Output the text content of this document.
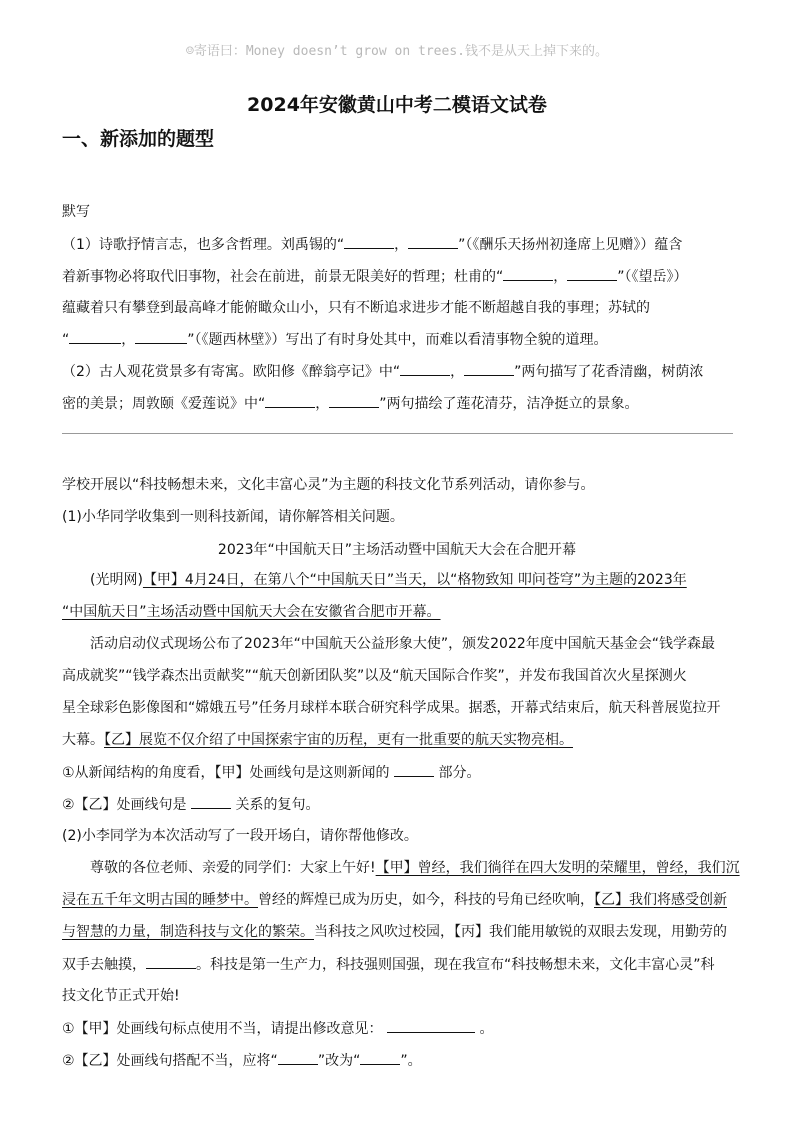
☺寄语曰：Money doesn’t grow on trees.钱不是从天上掉下来的。
2024年安徽黄山中考二模语文试卷
一、新添加的题型
默写
（1）诗歌抒情言志，也多含哲理。刘禹锡的“	，	”（《酬乐天扬州初逢席上见赠》）蕴含
着新事物必将取代旧事物，社会在前进，前景无限美好的哲理；杜甫的“	，	”（《望岳》）
蕴藏着只有攀登到最高峰才能俯瞰众山小，只有不断追求进步才能不断超越自我的事理；苏轼的
“	，	”（《题西林壁》）写出了有时身处其中，而难以看清事物全貌的道理。
（2）古人观花赏景多有寄寓。欧阳修《醉翁亭记》中“	，	”两句描写了花香清幽，树荫浓
密的美景；周敦颐《爱莲说》中“	，	”两句描绘了莲花清芬，洁净挺立的景象。
学校开展以“科技畅想未来，文化丰富心灵”为主题的科技文化节系列活动，请你参与。
(1)小华同学收集到一则科技新闻，请你解答相关问题。
2023年“中国航天日”主场活动暨中国航天大会在合肥开幕
(光明网)【甲】4月24日，在第八个“中国航天日”当天，以“格物致知 叩问苍穹”为主题的2023年
“中国航天日”主场活动暨中国航天大会在安徽省合肥市开幕。
活动启动仪式现场公布了2023年“中国航天公益形象大使”，颁发2022年度中国航天基金会“钱学森最
高成就奖”“钱学森杰出贡献奖”“航天创新团队奖”以及“航天国际合作奖”，并发布我国首次火星探测火
星全球彩色影像图和“嫦娥五号”任务月球样本联合研究科学成果。据悉，开幕式结束后，航天科普展览拉开
大幕。【乙】展览不仅介绍了中国探索宇宙的历程，更有一批重要的航天实物亮相。
①从新闻结构的角度看，【甲】处画线句是这则新闻的	部分。
②【乙】处画线句是	关系的复句。
(2)小李同学为本次活动写了一段开场白，请你帮他修改。
尊敬的各位老师、亲爱的同学们：大家上午好!【甲】曾经，我们徜徉在四大发明的荣耀里，曾经，我们沉
浸在五千年文明古国的睡梦中。曾经的辉煌已成为历史，如今，科技的号角已经吹响，【乙】我们将感受创新
与智慧的力量，制造科技与文化的繁荣。当科技之风吹过校园，【丙】我们能用敏锐的双眼去发现，用勤劳的
双手去触摸，	。科技是第一生产力，科技强则国强，现在我宣布“科技畅想未来，文化丰富心灵”科
技文化节正式开始!
①【甲】处画线句标点使用不当，请提出修改意见：	。
②【乙】处画线句搭配不当，应将“	”改为“	”。
